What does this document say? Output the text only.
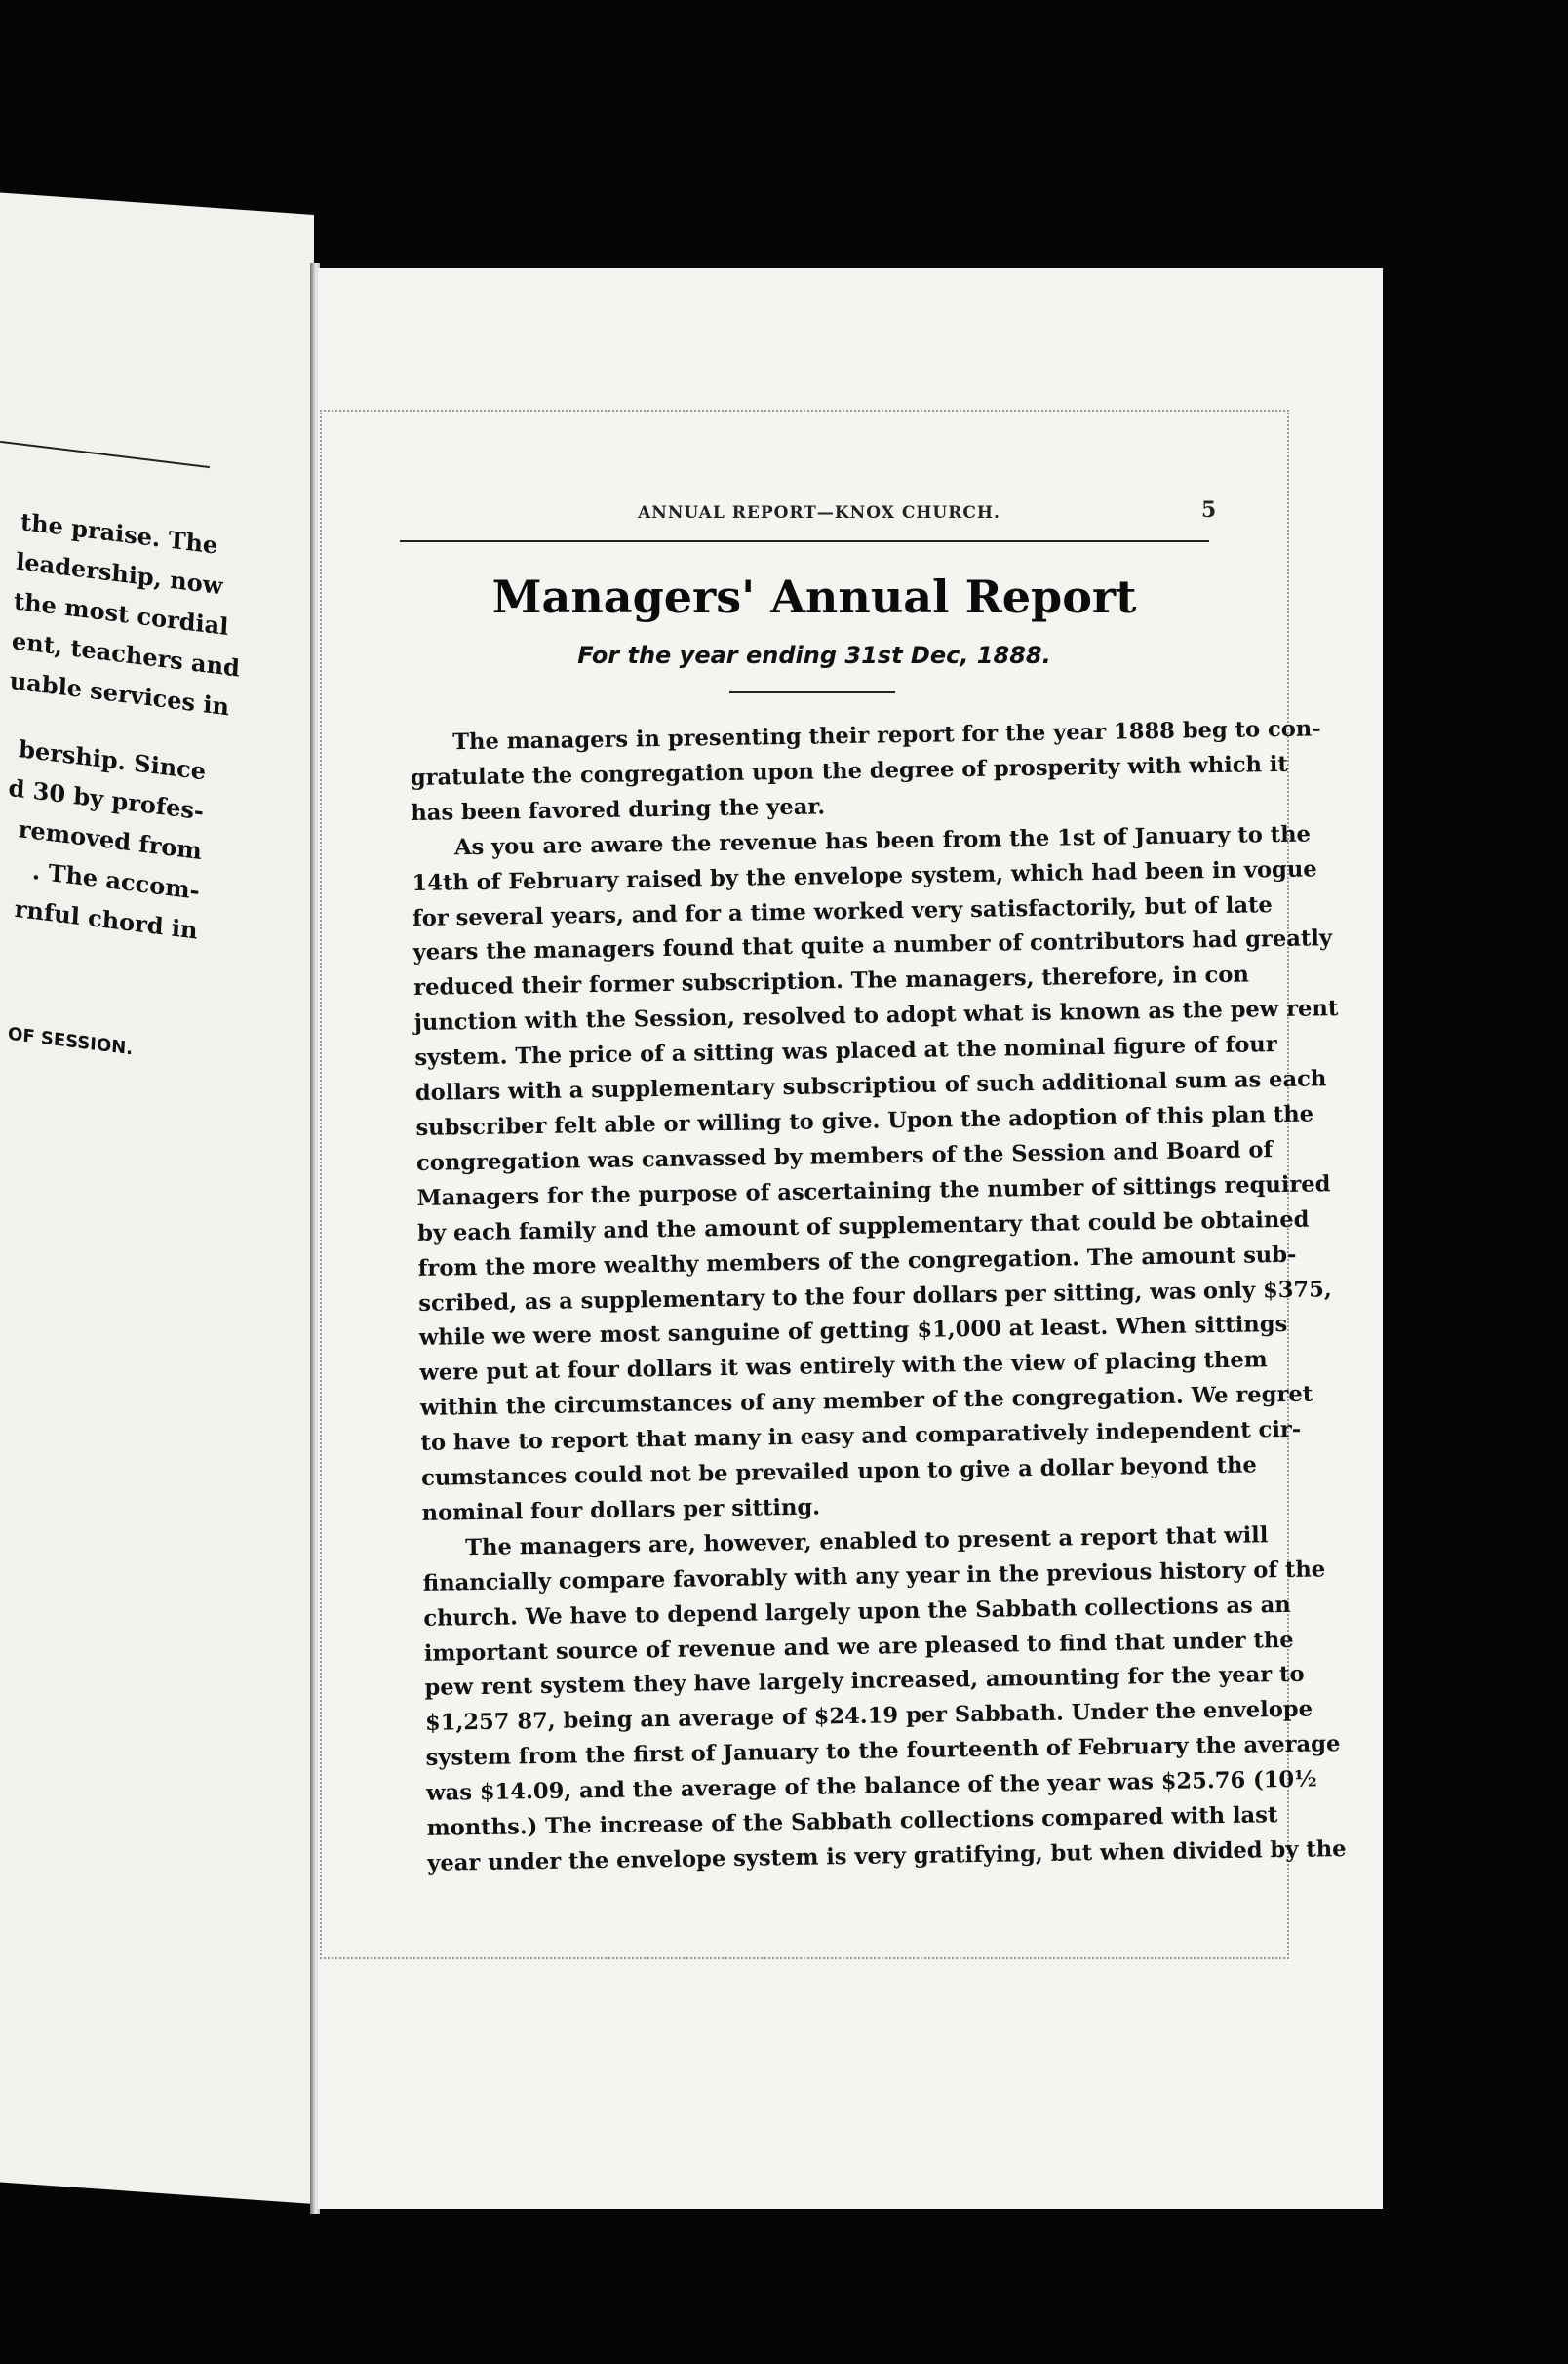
the praise. The
leadership, now
the most cordial
ent, teachers and
uable services in
bership. Since
d 30 by profes-
removed from
. The accom-
rnful chord in
OF SESSION.
ANNUAL REPORT—KNOX CHURCH.	5
Managers' Annual Report
For the year ending 31st Dec, 1888.
The managers in presenting their report for the year 1888 beg to con-
gratulate the congregation upon the degree of prosperity with which it
has been favored during the year.
As you are aware the revenue has been from the 1st of January to the
14th of February raised by the envelope system, which had been in vogue
for several years, and for a time worked very satisfactorily, but of late
years the managers found that quite a number of contributors had greatly
reduced their former subscription. The managers, therefore, in con
junction with the Session, resolved to adopt what is known as the pew rent
system. The price of a sitting was placed at the nominal figure of four
dollars with a supplementary subscriptiou of such additional sum as each
subscriber felt able or willing to give. Upon the adoption of this plan the
congregation was canvassed by members of the Session and Board of
Managers for the purpose of ascertaining the number of sittings required
by each family and the amount of supplementary that could be obtained
from the more wealthy members of the congregation. The amount sub-
scribed, as a supplementary to the four dollars per sitting, was only $375,
while we were most sanguine of getting $1,000 at least. When sittings
were put at four dollars it was entirely with the view of placing them
within the circumstances of any member of the congregation. We regret
to have to report that many in easy and comparatively independent cir-
cumstances could not be prevailed upon to give a dollar beyond the
nominal four dollars per sitting.
The managers are, however, enabled to present a report that will
financially compare favorably with any year in the previous history of the
church. We have to depend largely upon the Sabbath collections as an
important source of revenue and we are pleased to find that under the
pew rent system they have largely increased, amounting for the year to
$1,257 87, being an average of $24.19 per Sabbath. Under the envelope
system from the first of January to the fourteenth of February the average
was $14.09, and the average of the balance of the year was $25.76 (10½
months.) The increase of the Sabbath collections compared with last
year under the envelope system is very gratifying, but when divided by the
